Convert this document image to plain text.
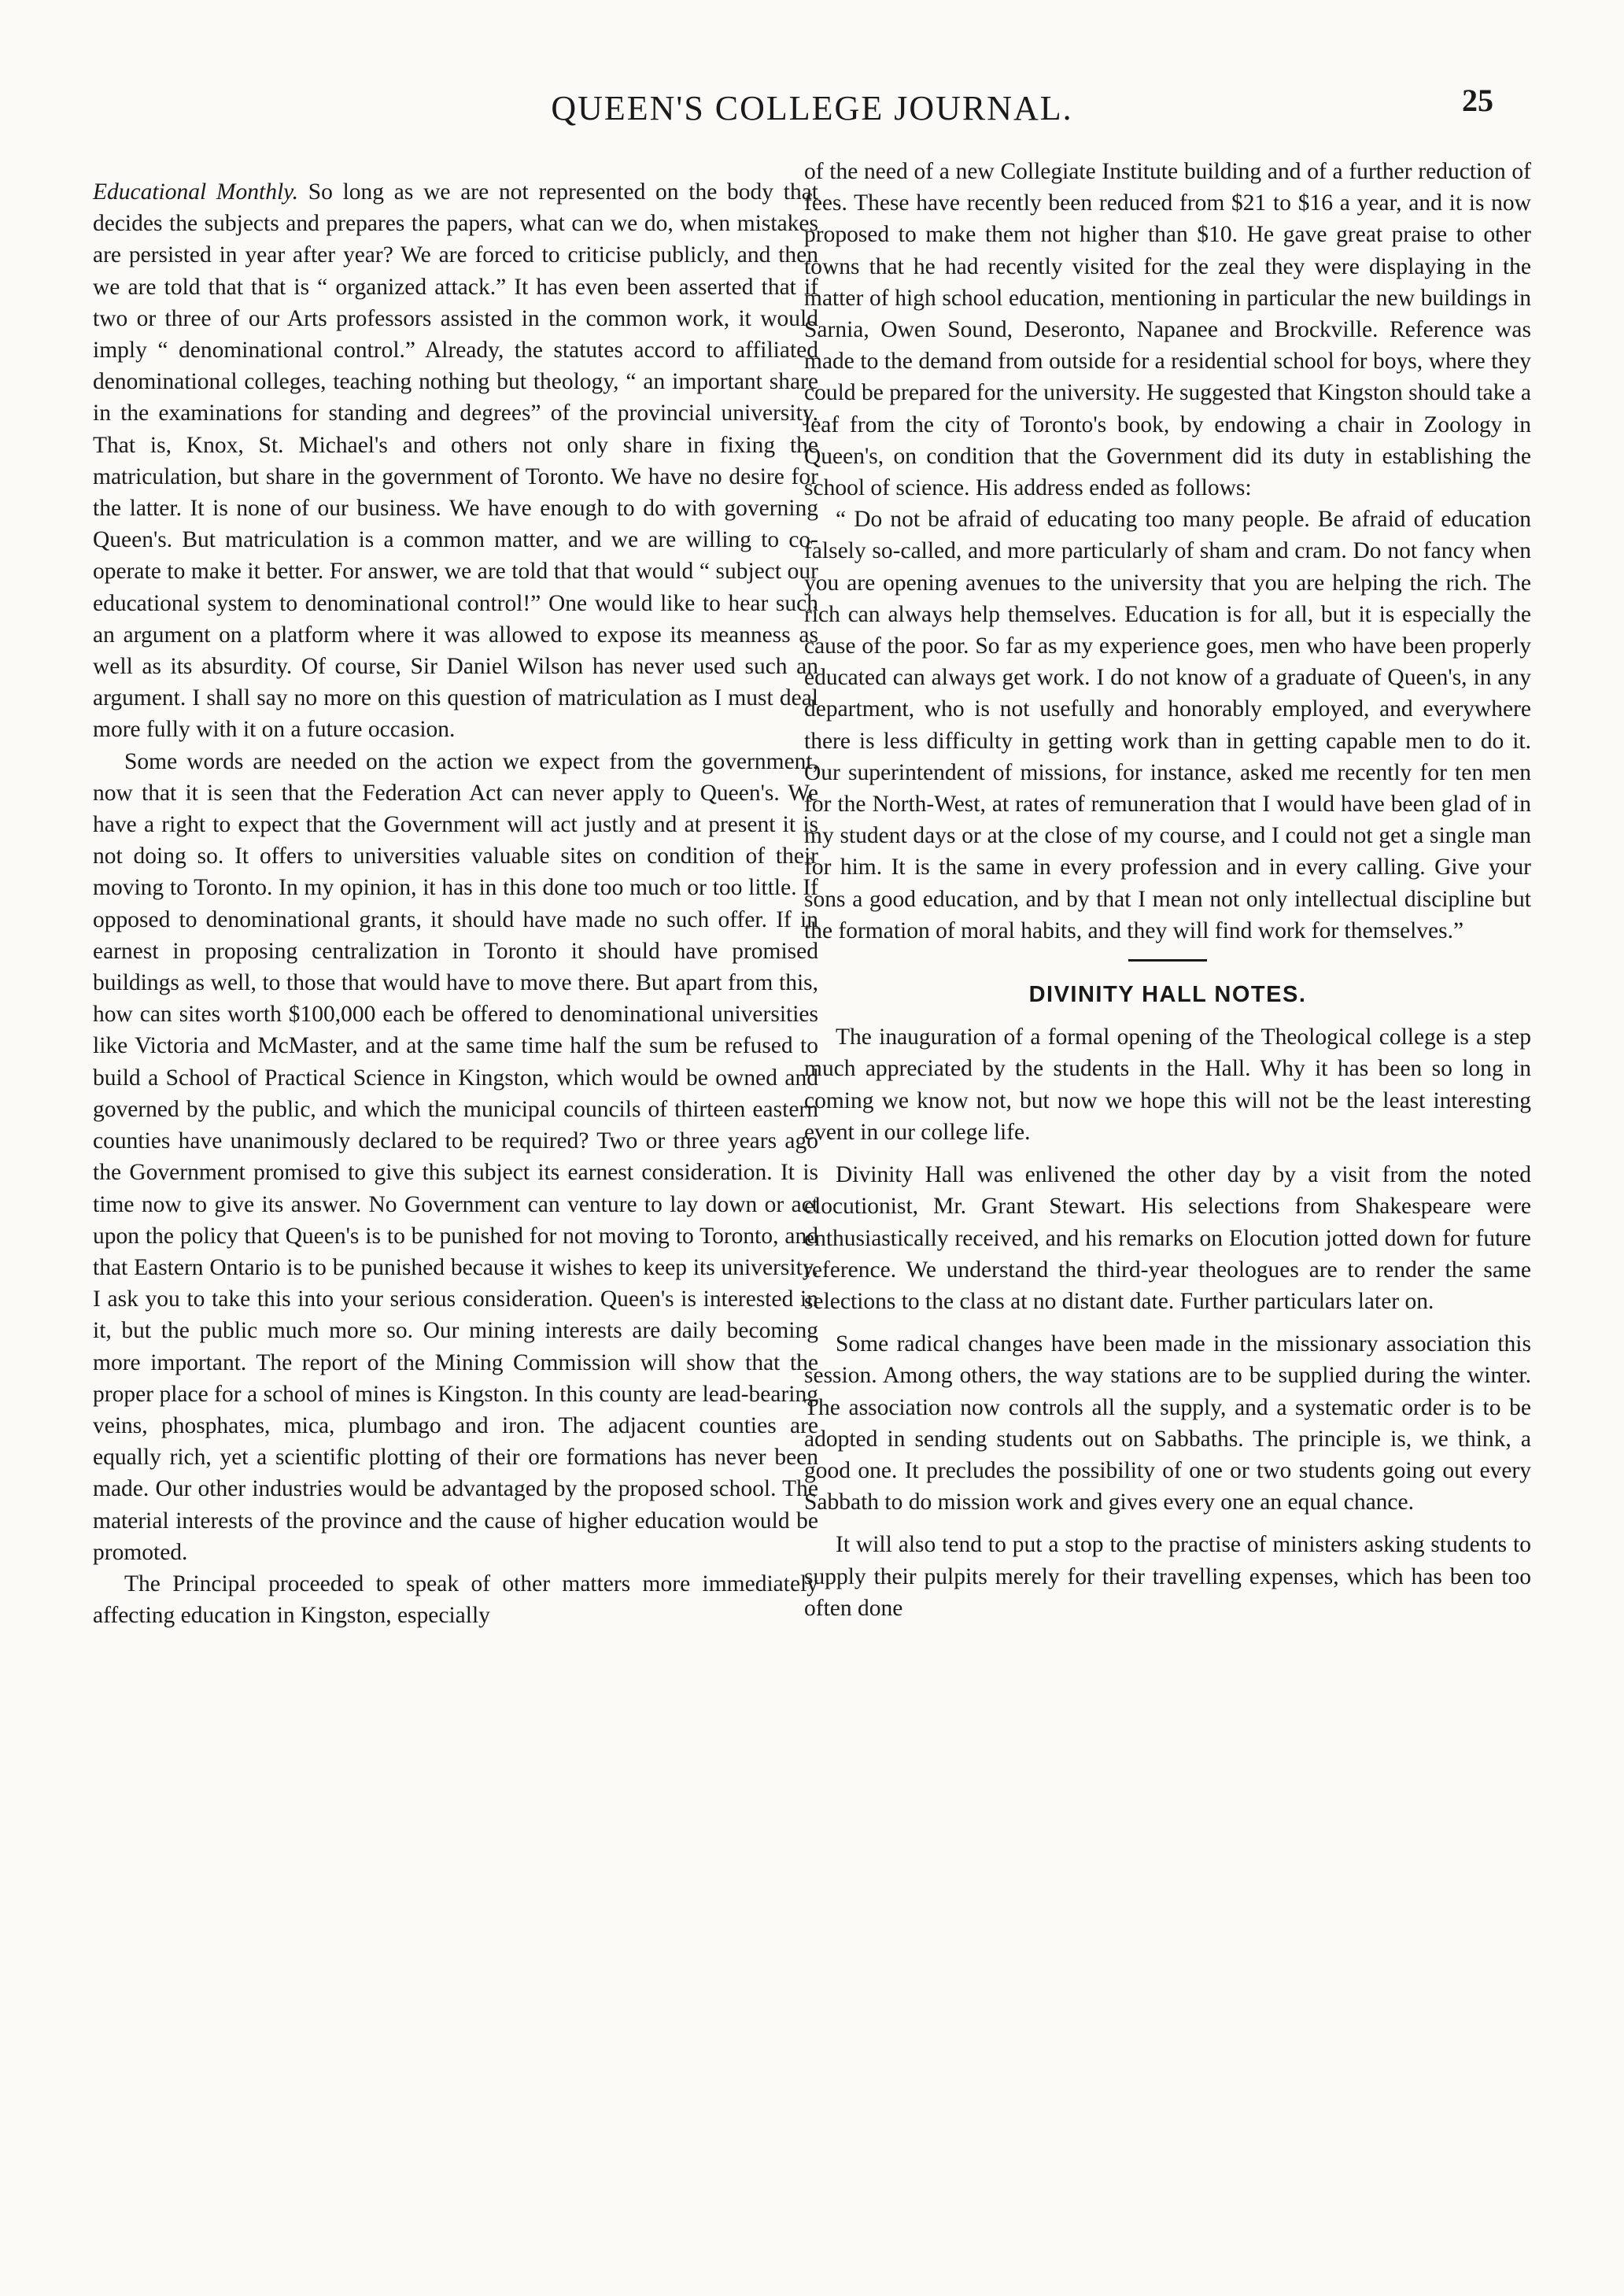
QUEEN'S COLLEGE JOURNAL.	25

Educational Monthly. So long as we are not represented on the body that decides the subjects and prepares the papers, what can we do, when mistakes are persisted in year after year? We are forced to criticise publicly, and then we are told that that is “ organized attack.” It has even been asserted that if two or three of our Arts professors assisted in the common work, it would imply “ denominational control.” Already, the statutes accord to affiliated denominational colleges, teaching nothing but theology, “ an important share in the examinations for standing and degrees” of the provincial university. That is, Knox, St. Michael's and others not only share in fixing the matriculation, but share in the government of Toronto. We have no desire for the latter. It is none of our business. We have enough to do with governing Queen's. But matriculation is a common matter, and we are willing to co-operate to make it better. For answer, we are told that that would “ subject our educational system to denominational control!” One would like to hear such an argument on a platform where it was allowed to expose its meanness as well as its absurdity. Of course, Sir Daniel Wilson has never used such an argument. I shall say no more on this question of matriculation as I must deal more fully with it on a future occasion.

Some words are needed on the action we expect from the government, now that it is seen that the Federation Act can never apply to Queen's. We have a right to expect that the Government will act justly and at present it is not doing so. It offers to universities valuable sites on condition of their moving to Toronto. In my opinion, it has in this done too much or too little. If opposed to denominational grants, it should have made no such offer. If in earnest in proposing centralization in Toronto it should have promised buildings as well, to those that would have to move there. But apart from this, how can sites worth $100,000 each be offered to denominational universities like Victoria and McMaster, and at the same time half the sum be refused to build a School of Practical Science in Kingston, which would be owned and governed by the public, and which the municipal councils of thirteen eastern counties have unanimously declared to be required? Two or three years ago the Government promised to give this subject its earnest consideration. It is time now to give its answer. No Government can venture to lay down or act upon the policy that Queen's is to be punished for not moving to Toronto, and that Eastern Ontario is to be punished because it wishes to keep its university. I ask you to take this into your serious consideration. Queen's is interested in it, but the public much more so. Our mining interests are daily becoming more important. The report of the Mining Commission will show that the proper place for a school of mines is Kingston. In this county are lead-bearing veins, phosphates, mica, plumbago and iron. The adjacent counties are equally rich, yet a scientific plotting of their ore formations has never been made. Our other industries would be advantaged by the proposed school. The material interests of the province and the cause of higher education would be promoted.

The Principal proceeded to speak of other matters more immediately affecting education in Kingston, especially

of the need of a new Collegiate Institute building and of a further reduction of fees. These have recently been reduced from $21 to $16 a year, and it is now proposed to make them not higher than $10. He gave great praise to other towns that he had recently visited for the zeal they were displaying in the matter of high school education, mentioning in particular the new buildings in Sarnia, Owen Sound, Deseronto, Napanee and Brockville. Reference was made to the demand from outside for a residential school for boys, where they could be prepared for the university. He suggested that Kingston should take a leaf from the city of Toronto's book, by endowing a chair in Zoology in Queen's, on condition that the Government did its duty in establishing the school of science. His address ended as follows:

“ Do not be afraid of educating too many people. Be afraid of education falsely so-called, and more particularly of sham and cram. Do not fancy when you are opening avenues to the university that you are helping the rich. The rich can always help themselves. Education is for all, but it is especially the cause of the poor. So far as my experience goes, men who have been properly educated can always get work. I do not know of a graduate of Queen's, in any department, who is not usefully and honorably employed, and everywhere there is less difficulty in getting work than in getting capable men to do it. Our superintendent of missions, for instance, asked me recently for ten men for the North-West, at rates of remuneration that I would have been glad of in my student days or at the close of my course, and I could not get a single man for him. It is the same in every profession and in every calling. Give your sons a good education, and by that I mean not only intellectual discipline but the formation of moral habits, and they will find work for themselves.”

DIVINITY HALL NOTES.

The inauguration of a formal opening of the Theological college is a step much appreciated by the students in the Hall. Why it has been so long in coming we know not, but now we hope this will not be the least interesting event in our college life.

Divinity Hall was enlivened the other day by a visit from the noted elocutionist, Mr. Grant Stewart. His selections from Shakespeare were enthusiastically received, and his remarks on Elocution jotted down for future reference. We understand the third-year theologues are to render the same selections to the class at no distant date. Further particulars later on.

Some radical changes have been made in the missionary association this session. Among others, the way stations are to be supplied during the winter. The association now controls all the supply, and a systematic order is to be adopted in sending students out on Sabbaths. The principle is, we think, a good one. It precludes the possibility of one or two students going out every Sabbath to do mission work and gives every one an equal chance.

It will also tend to put a stop to the practise of ministers asking students to supply their pulpits merely for their travelling expenses, which has been too often done
